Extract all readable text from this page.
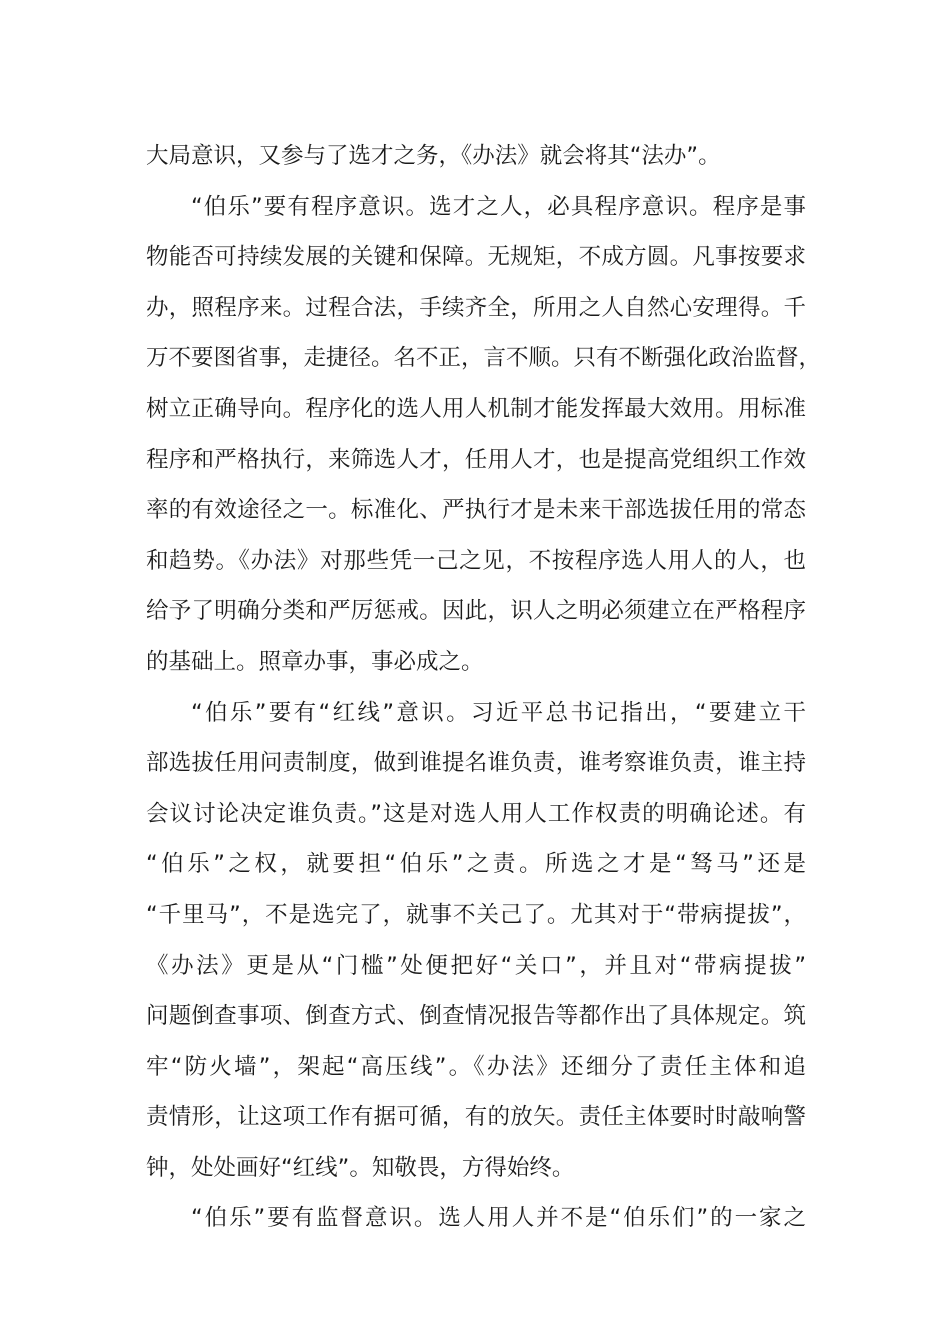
大局意识，又参与了选才之务，《办法》就会将其“法办”。
“伯乐”要有程序意识。选才之人，必具程序意识。程序是事
物能否可持续发展的关键和保障。无规矩，不成方圆。凡事按要求
办，照程序来。过程合法，手续齐全，所用之人自然心安理得。千
万不要图省事，走捷径。名不正，言不顺。只有不断强化政治监督，
树立正确导向。程序化的选人用人机制才能发挥最大效用。用标准
程序和严格执行，来筛选人才，任用人才，也是提高党组织工作效
率的有效途径之一。标准化、严执行才是未来干部选拔任用的常态
和趋势。《办法》对那些凭一己之见，不按程序选人用人的人，也
给予了明确分类和严厉惩戒。因此，识人之明必须建立在严格程序
的基础上。照章办事，事必成之。
“伯乐”要有“红线”意识。习近平总书记指出，“要建立干
部选拔任用问责制度，做到谁提名谁负责，谁考察谁负责，谁主持
会议讨论决定谁负责。”这是对选人用人工作权责的明确论述。有
“伯乐”之权，就要担“伯乐”之责。所选之才是“驽马”还是
“千里马”，不是选完了，就事不关己了。尤其对于“带病提拔”，
《办法》更是从“门槛”处便把好“关口”，并且对“带病提拔”
问题倒查事项、倒查方式、倒查情况报告等都作出了具体规定。筑
牢“防火墙”，架起“高压线”。《办法》还细分了责任主体和追
责情形，让这项工作有据可循，有的放矢。责任主体要时时敲响警
钟，处处画好“红线”。知敬畏，方得始终。
“伯乐”要有监督意识。选人用人并不是“伯乐们”的一家之
